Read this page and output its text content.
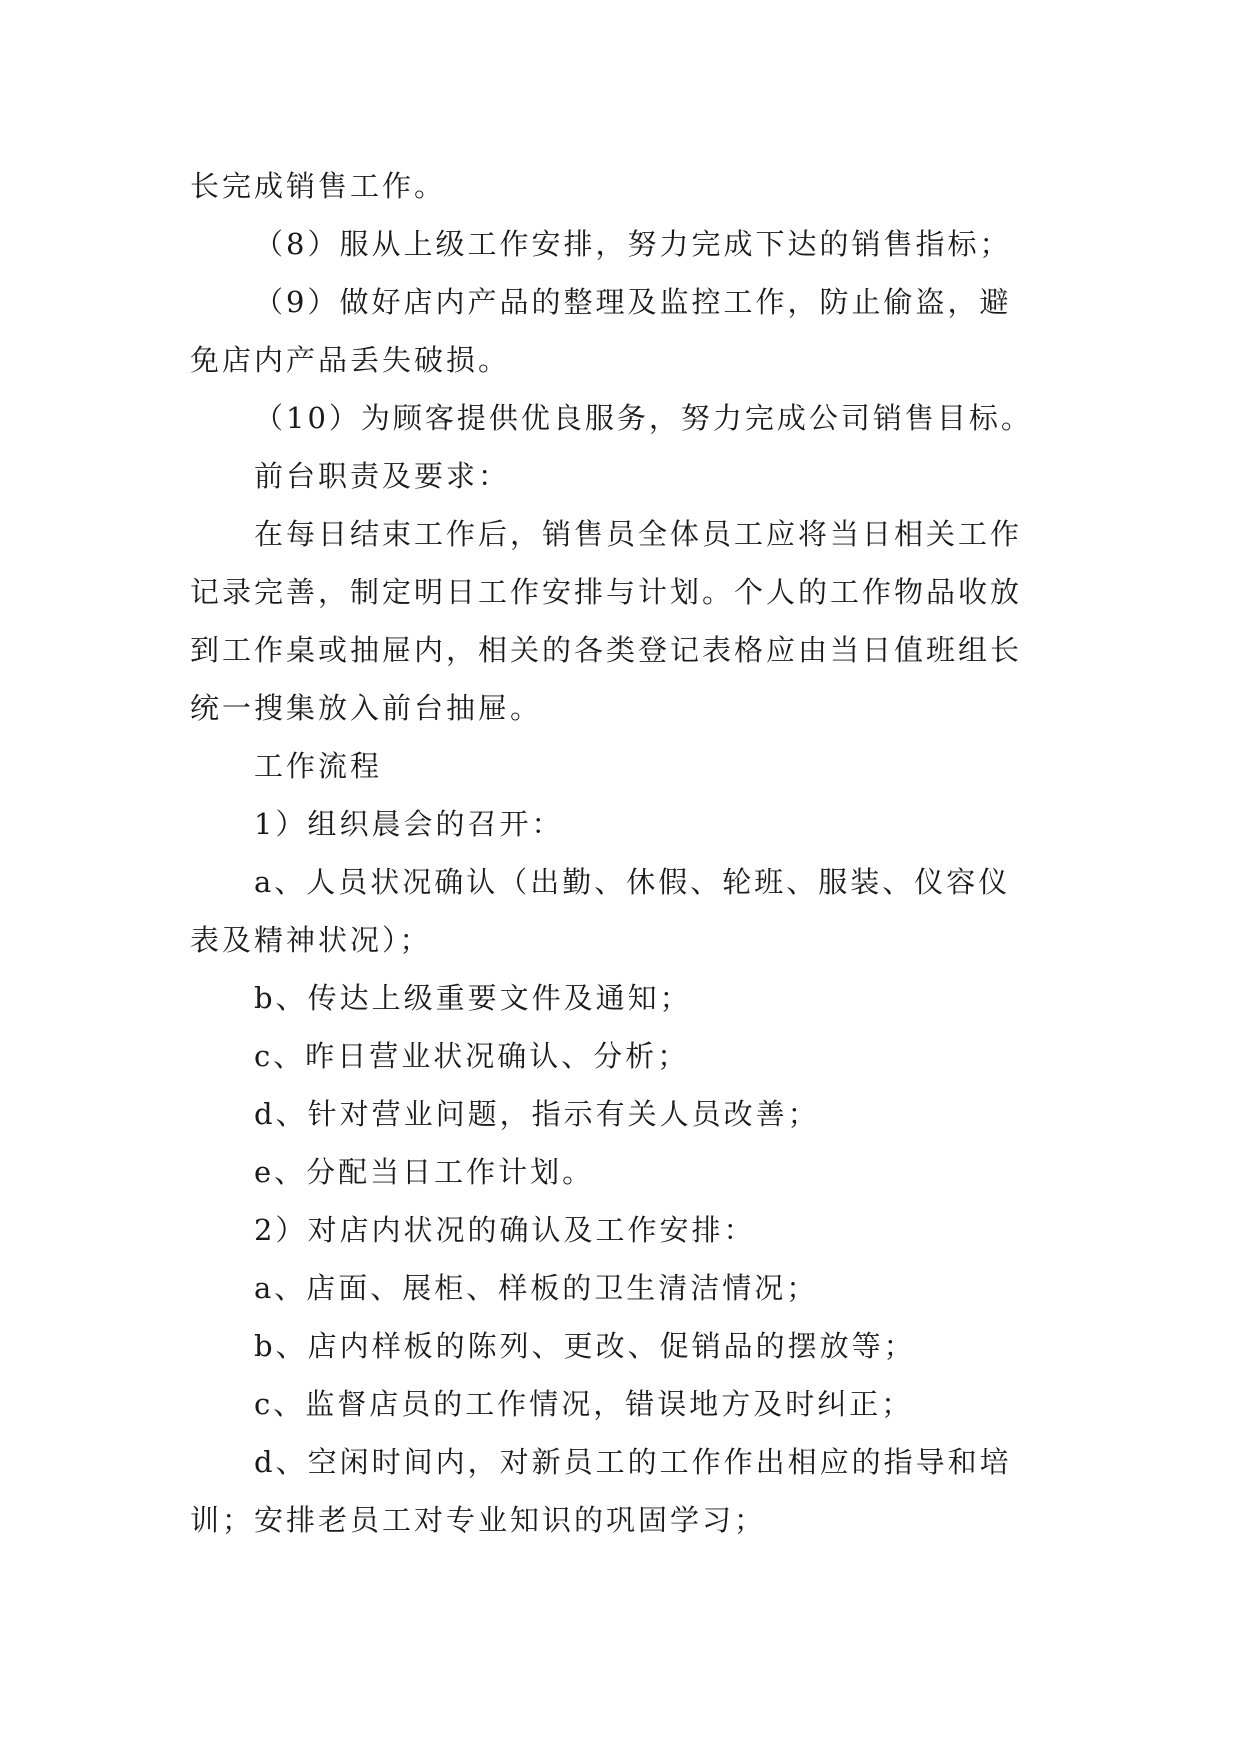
长完成销售工作。

（8）服从上级工作安排，努力完成下达的销售指标；

（9）做好店内产品的整理及监控工作，防止偷盗，避

免店内产品丢失破损。

（10）为顾客提供优良服务，努力完成公司销售目标。

前台职责及要求：

在每日结束工作后，销售员全体员工应将当日相关工作

记录完善，制定明日工作安排与计划。个人的工作物品收放

到工作桌或抽屉内，相关的各类登记表格应由当日值班组长

统一搜集放入前台抽屉。

工作流程

1）组织晨会的召开：

a、人员状况确认（出勤、休假、轮班、服装、仪容仪

表及精神状况）；

b、传达上级重要文件及通知；

c、昨日营业状况确认、分析；

d、针对营业问题，指示有关人员改善；

e、分配当日工作计划。

2）对店内状况的确认及工作安排：

a、店面、展柜、样板的卫生清洁情况；

b、店内样板的陈列、更改、促销品的摆放等；

c、监督店员的工作情况，错误地方及时纠正；

d、空闲时间内，对新员工的工作作出相应的指导和培

训；安排老员工对专业知识的巩固学习；
